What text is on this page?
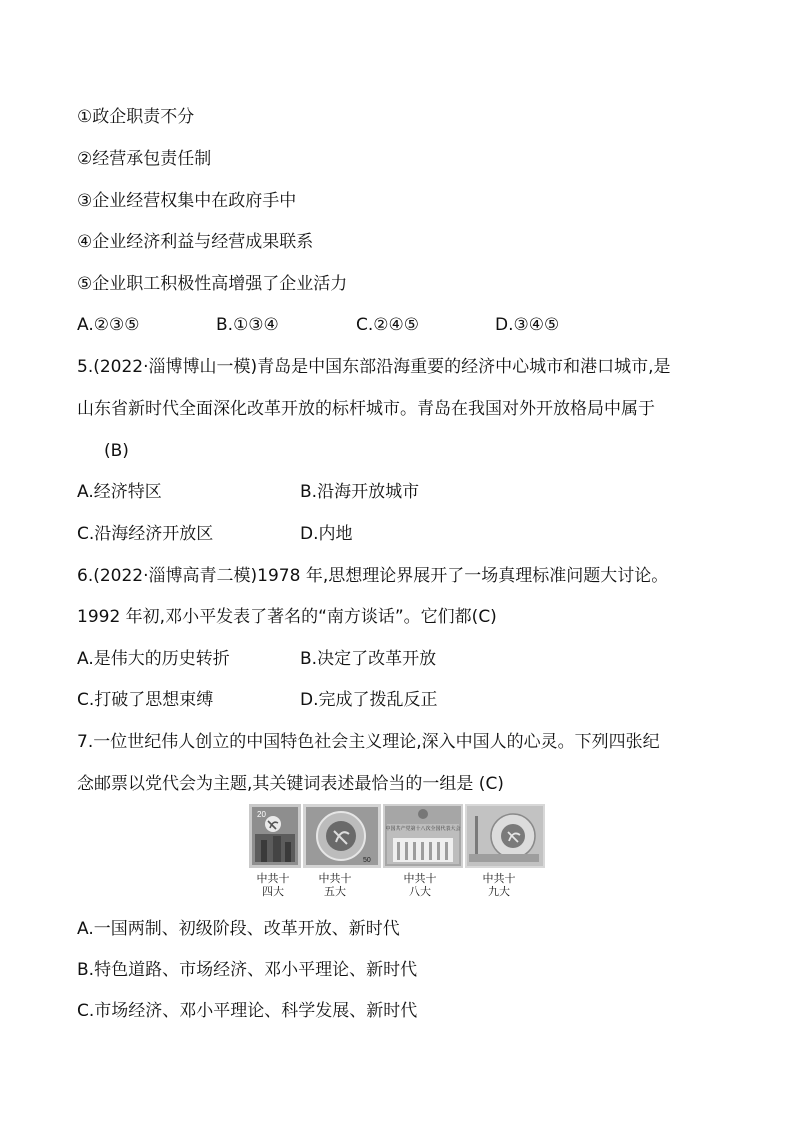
①政企职责不分
②经营承包责任制
③企业经营权集中在政府手中
④企业经济利益与经营成果联系
⑤企业职工积极性高增强了企业活力
A.②③⑤	B.①③④	C.②④⑤	D.③④⑤
5.(2022·淄博博山一模)青岛是中国东部沿海重要的经济中心城市和港口城市,是
山东省新时代全面深化改革开放的标杆城市。青岛在我国对外开放格局中属于
(B)
A.经济特区	B.沿海开放城市
C.沿海经济开放区	D.内地
6.(2022·淄博高青二模)1978 年,思想理论界展开了一场真理标准问题大讨论。
1992 年初,邓小平发表了著名的“南方谈话”。它们都(C)
A.是伟大的历史转折	B.决定了改革开放
C.打破了思想束缚	D.完成了拨乱反正
7.一位世纪伟人创立的中国特色社会主义理论,深入中国人的心灵。下列四张纪
念邮票以党代会为主题,其关键词表述最恰当的一组是 (C)
20
50
中国共产党第十八次全国代表大会
中共十
四大
中共十
五大
中共十
八大
中共十
九大
A.一国两制、初级阶段、改革开放、新时代
B.特色道路、市场经济、邓小平理论、新时代
C.市场经济、邓小平理论、科学发展、新时代
